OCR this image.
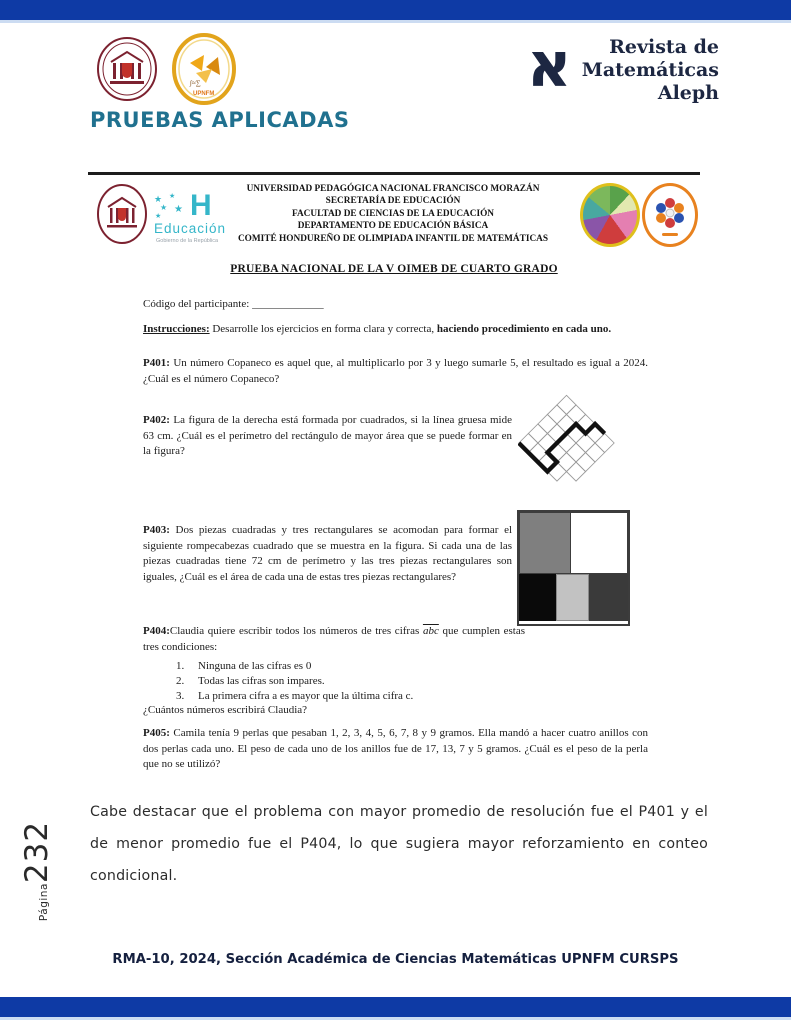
∫≈∑
UPNFM	א	Revista de
Matemáticas
Aleph
PRUEBAS APLICADAS
★ ★
★ ★
★ H
Educación
Gobierno de la República
UNIVERSIDAD PEDAGÓGICA NACIONAL FRANCISCO MORAZÁN
SECRETARÍA DE EDUCACIÓN
FACULTAD DE CIENCIAS DE LA EDUCACIÓN
DEPARTAMENTO DE EDUCACIÓN BÁSICA
COMITÉ HONDUREÑO DE OLIMPIADA INFANTIL DE MATEMÁTICAS
PRUEBA NACIONAL DE LA V OIMEB DE CUARTO GRADO

Código del participante: _____________

Instrucciones: Desarrolle los ejercicios en forma clara y correcta, haciendo procedimiento en cada uno.

P401: Un número Copaneco es aquel que, al multiplicarlo por 3 y luego sumarle 5, el resultado es igual a 2024. ¿Cuál es el número Copaneco?

P402: La figura de la derecha está formada por cuadrados, si la línea gruesa mide 63 cm. ¿Cuál es el perímetro del rectángulo de mayor área que se puede formar en la figura?

P403: Dos piezas cuadradas y tres rectangulares se acomodan para formar el siguiente rompecabezas cuadrado que se muestra en la figura. Si cada una de las piezas cuadradas tiene 72 cm de perímetro y las tres piezas rectangulares son iguales, ¿Cuál es el área de cada una de estas tres piezas rectangulares?

P404:Claudia quiere escribir todos los números de tres cifras $\overline{abc}$ que cumplen estas tres condiciones:

1.	Ninguna de las cifras es 0
2.	Todas las cifras son impares.
3.	La primera cifra a es mayor que la última cifra c.

¿Cuántos números escribirá Claudia?

P405: Camila tenía 9 perlas que pesaban 1, 2, 3, 4, 5, 6, 7, 8 y 9 gramos. Ella mandó a hacer cuatro anillos con dos perlas cada uno. El peso de cada uno de los anillos fue de 17, 13, 7 y 5 gramos. ¿Cuál es el peso de la perla que no se utilizó?

Cabe destacar que el problema con mayor promedio de resolución fue el P401 y el de menor promedio fue el P404, lo que sugiera mayor reforzamiento en conteo condicional.

Página
232

RMA-10, 2024, Sección Académica de Ciencias Matemáticas UPNFM CURSPS
